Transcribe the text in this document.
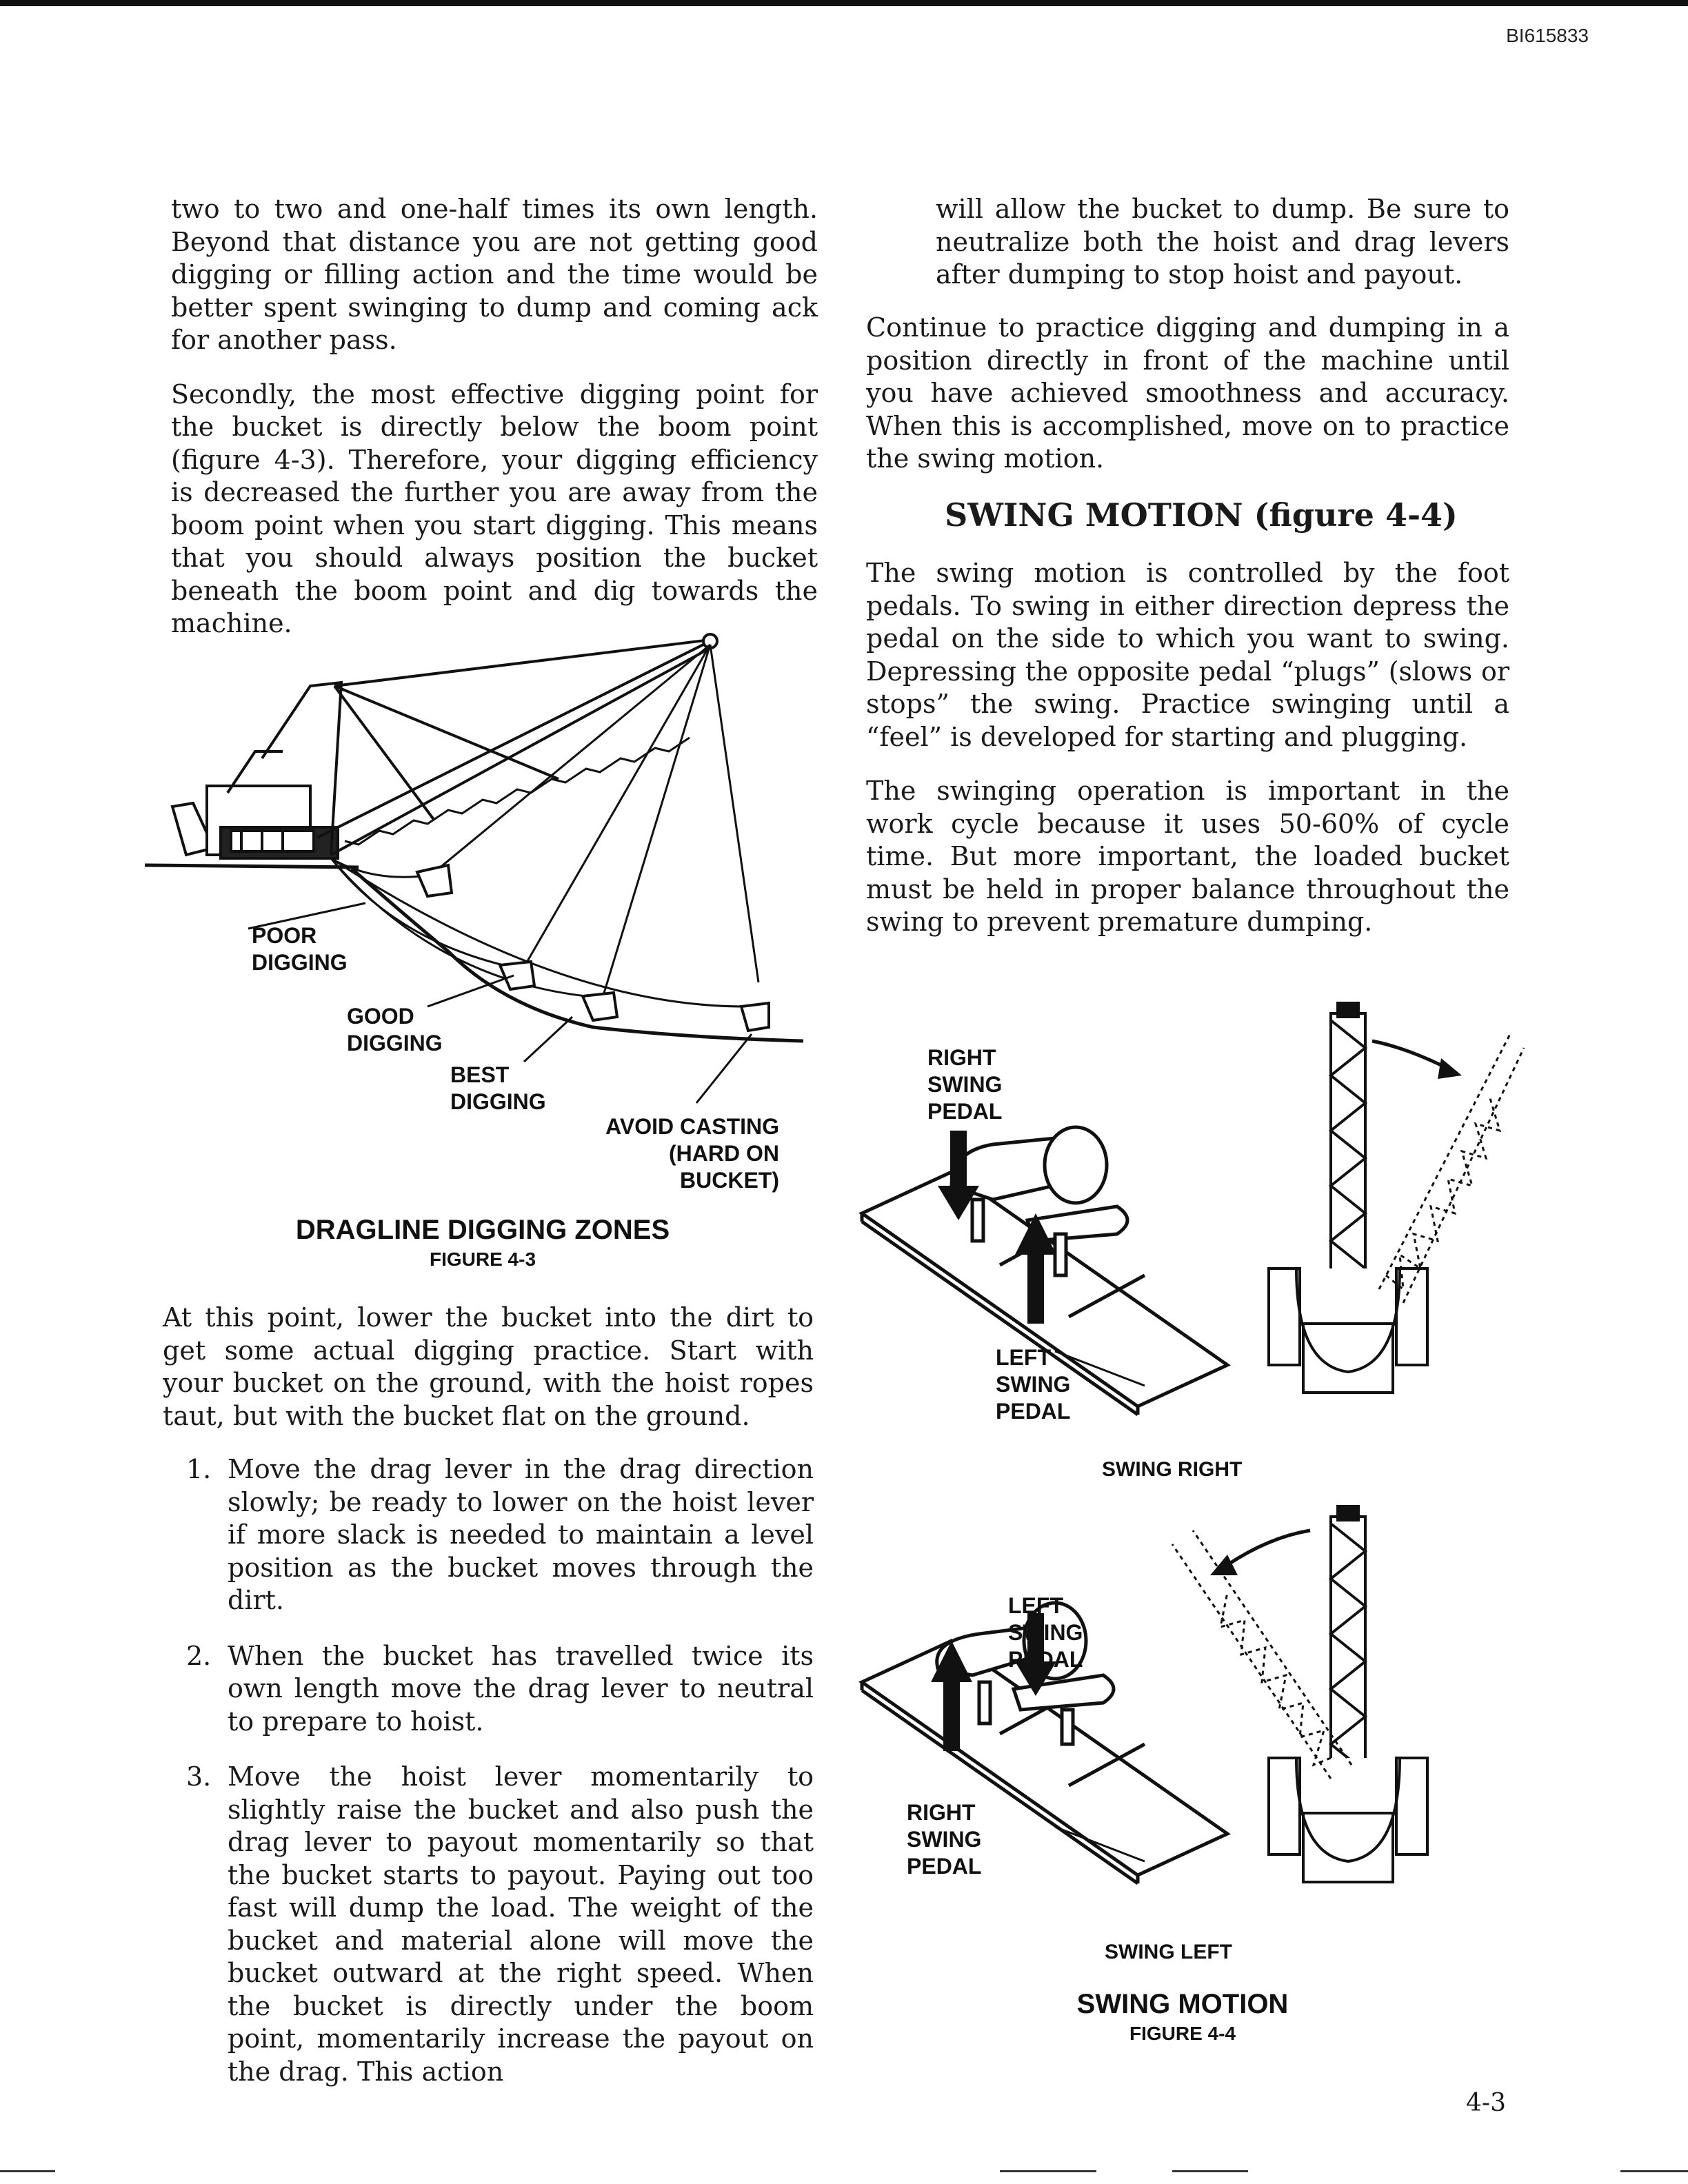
BI615833

two to two and one-half times its own length. Beyond that distance you are not getting good digging or filling action and the time would be better spent swinging to dump and coming ack for another pass.

Secondly, the most effective digging point for the bucket is directly below the boom point (figure 4-3). Therefore, your digging efficiency is decreased the further you are away from the boom point when you start digging. This means that you should always position the bucket beneath the boom point and dig towards the machine.

POOR
DIGGING
GOOD
DIGGING
BEST
DIGGING
AVOID CASTING
(HARD ON BUCKET)
DRAGLINE DIGGING ZONES
FIGURE 4-3

At this point, lower the bucket into the dirt to get some actual digging practice. Start with your bucket on the ground, with the hoist ropes taut, but with the bucket flat on the ground.

1. Move the drag lever in the drag direction slowly; be ready to lower on the hoist lever if more slack is needed to maintain a level position as the bucket moves through the dirt.

2. When the bucket has travelled twice its own length move the drag lever to neutral to prepare to hoist.

3. Move the hoist lever momentarily to slightly raise the bucket and also push the drag lever to payout momentarily so that the bucket starts to payout. Paying out too fast will dump the load. The weight of the bucket and material alone will move the bucket outward at the right speed. When the bucket is directly under the boom point, momentarily increase the payout on the drag. This action

will allow the bucket to dump. Be sure to neutralize both the hoist and drag levers after dumping to stop hoist and payout.

Continue to practice digging and dumping in a position directly in front of the machine until you have achieved smoothness and accuracy. When this is accomplished, move on to practice the swing motion.

SWING MOTION (figure 4-4)

The swing motion is controlled by the foot pedals. To swing in either direction depress the pedal on the side to which you want to swing. Depressing the opposite pedal “plugs” (slows or stops” the swing. Practice swinging until a “feel” is developed for starting and plugging.

The swinging operation is important in the work cycle because it uses 50-60% of cycle time. But more important, the loaded bucket must be held in proper balance throughout the swing to prevent premature dumping.

RIGHT
SWING
PEDAL
LEFT
SWING
PEDAL
SWING RIGHT
LEFT
SWING
PEDAL
RIGHT
SWING
PEDAL
SWING LEFT
SWING MOTION
FIGURE 4-4
4-3
